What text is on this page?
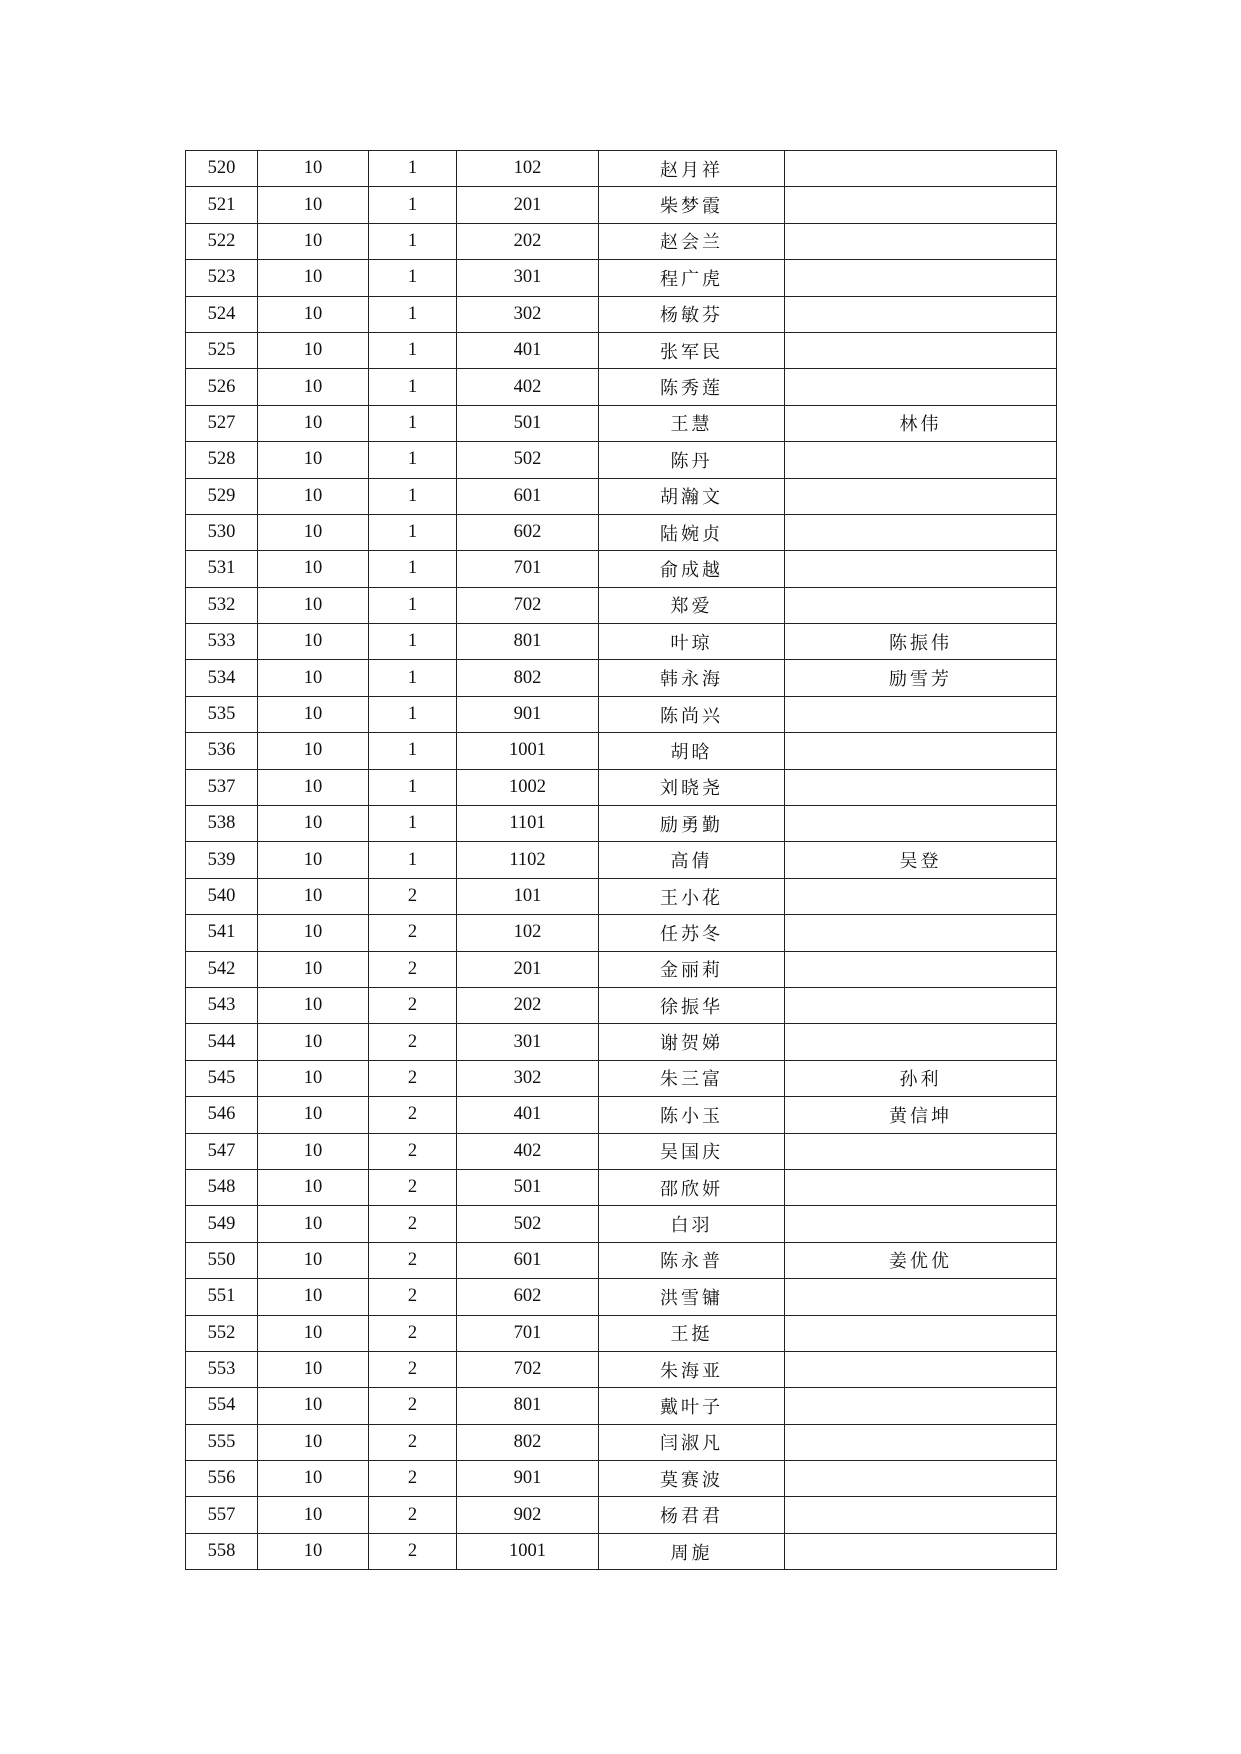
520	10	1	102	赵月祥	
521	10	1	201	柴梦霞	
522	10	1	202	赵会兰	
523	10	1	301	程广虎	
524	10	1	302	杨敏芬	
525	10	1	401	张军民	
526	10	1	402	陈秀莲	
527	10	1	501	王慧	林伟
528	10	1	502	陈丹	
529	10	1	601	胡瀚文	
530	10	1	602	陆婉贞	
531	10	1	701	俞成越	
532	10	1	702	郑爱	
533	10	1	801	叶琼	陈振伟
534	10	1	802	韩永海	励雪芳
535	10	1	901	陈尚兴	
536	10	1	1001	胡晗	
537	10	1	1002	刘晓尧	
538	10	1	1101	励勇勤	
539	10	1	1102	高倩	吴登
540	10	2	101	王小花	
541	10	2	102	任苏冬	
542	10	2	201	金丽莉	
543	10	2	202	徐振华	
544	10	2	301	谢贺娣	
545	10	2	302	朱三富	孙利
546	10	2	401	陈小玉	黄信坤
547	10	2	402	吴国庆	
548	10	2	501	邵欣妍	
549	10	2	502	白羽	
550	10	2	601	陈永普	姜优优
551	10	2	602	洪雪镛	
552	10	2	701	王挺	
553	10	2	702	朱海亚	
554	10	2	801	戴叶子	
555	10	2	802	闫淑凡	
556	10	2	901	莫赛波	
557	10	2	902	杨君君	
558	10	2	1001	周旎	
